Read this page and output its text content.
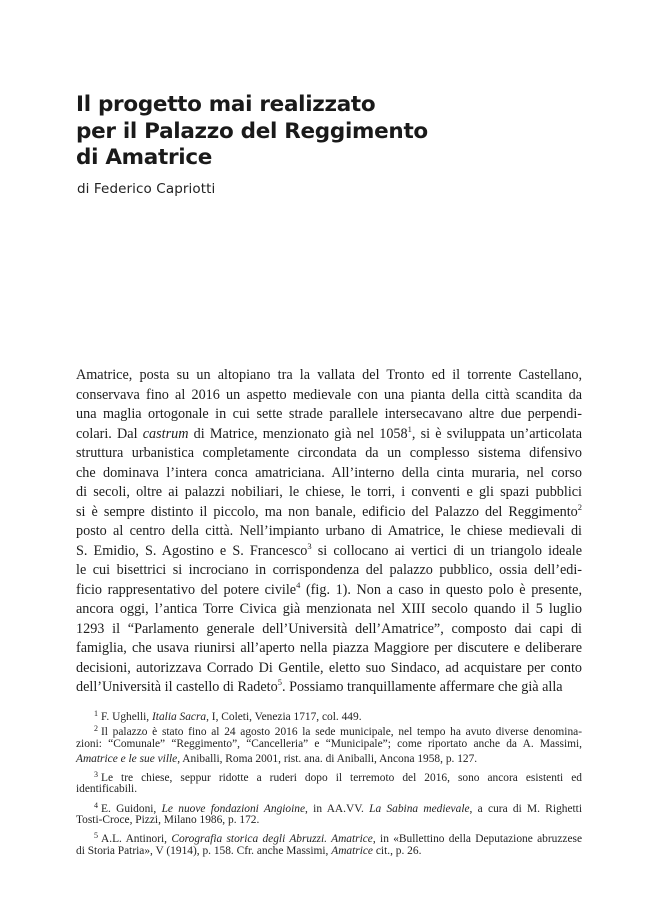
Il progetto mai realizzato
per il Palazzo del Reggimento
di Amatrice
di Federico Capriotti
Amatrice, posta su un altopiano tra la vallata del Tronto ed il torrente Castellano,
conservava fino al 2016 un aspetto medievale con una pianta della città scandita da
una maglia ortogonale in cui sette strade parallele intersecavano altre due perpendi-
colari. Dal castrum di Matrice, menzionato già nel 1058$^1$, si è sviluppata un’articolata
struttura urbanistica completamente circondata da un complesso sistema difensivo
che dominava l’intera conca amatriciana. All’interno della cinta muraria, nel corso
di secoli, oltre ai palazzi nobiliari, le chiese, le torri, i conventi e gli spazi pubblici
si è sempre distinto il piccolo, ma non banale, edificio del Palazzo del Reggimento$^2$
posto al centro della città. Nell’impianto urbano di Amatrice, le chiese medievali di
S. Emidio, S. Agostino e S. Francesco$^3$ si collocano ai vertici di un triangolo ideale
le cui bisettrici si incrociano in corrispondenza del palazzo pubblico, ossia dell’edi-
ficio rappresentativo del potere civile$^4$ (fig. 1). Non a caso in questo polo è presente,
ancora oggi, l’antica Torre Civica già menzionata nel XIII secolo quando il 5 luglio
1293 il “Parlamento generale dell’Università dell’Amatrice”, composto dai capi di
famiglia, che usava riunirsi all’aperto nella piazza Maggiore per discutere e deliberare
decisioni, autorizzava Corrado Di Gentile, eletto suo Sindaco, ad acquistare per conto
dell’Università il castello di Radeto$^5$. Possiamo tranquillamente affermare che già alla
$^1$ F. Ughelli, Italia Sacra, I, Coleti, Venezia 1717, col. 449.
$^2$ Il palazzo è stato fino al 24 agosto 2016 la sede municipale, nel tempo ha avuto diverse denomina-
zioni: “Comunale” “Reggimento”, “Cancelleria” e “Municipale”; come riportato anche da A. Massimi,
Amatrice e le sue ville, Aniballi, Roma 2001, rist. ana. di Aniballi, Ancona 1958, p. 127.
$^3$ Le tre chiese, seppur ridotte a ruderi dopo il terremoto del 2016, sono ancora esistenti ed
identificabili.
$^4$ E. Guidoni, Le nuove fondazioni Angioine, in AA.VV. La Sabina medievale, a cura di M. Righetti
Tosti-Croce, Pizzi, Milano 1986, p. 172.
$^5$ A.L. Antinori, Corografia storica degli Abruzzi. Amatrice, in «Bullettino della Deputazione abruzzese
di Storia Patria», V (1914), p. 158. Cfr. anche Massimi, Amatrice cit., p. 26.
